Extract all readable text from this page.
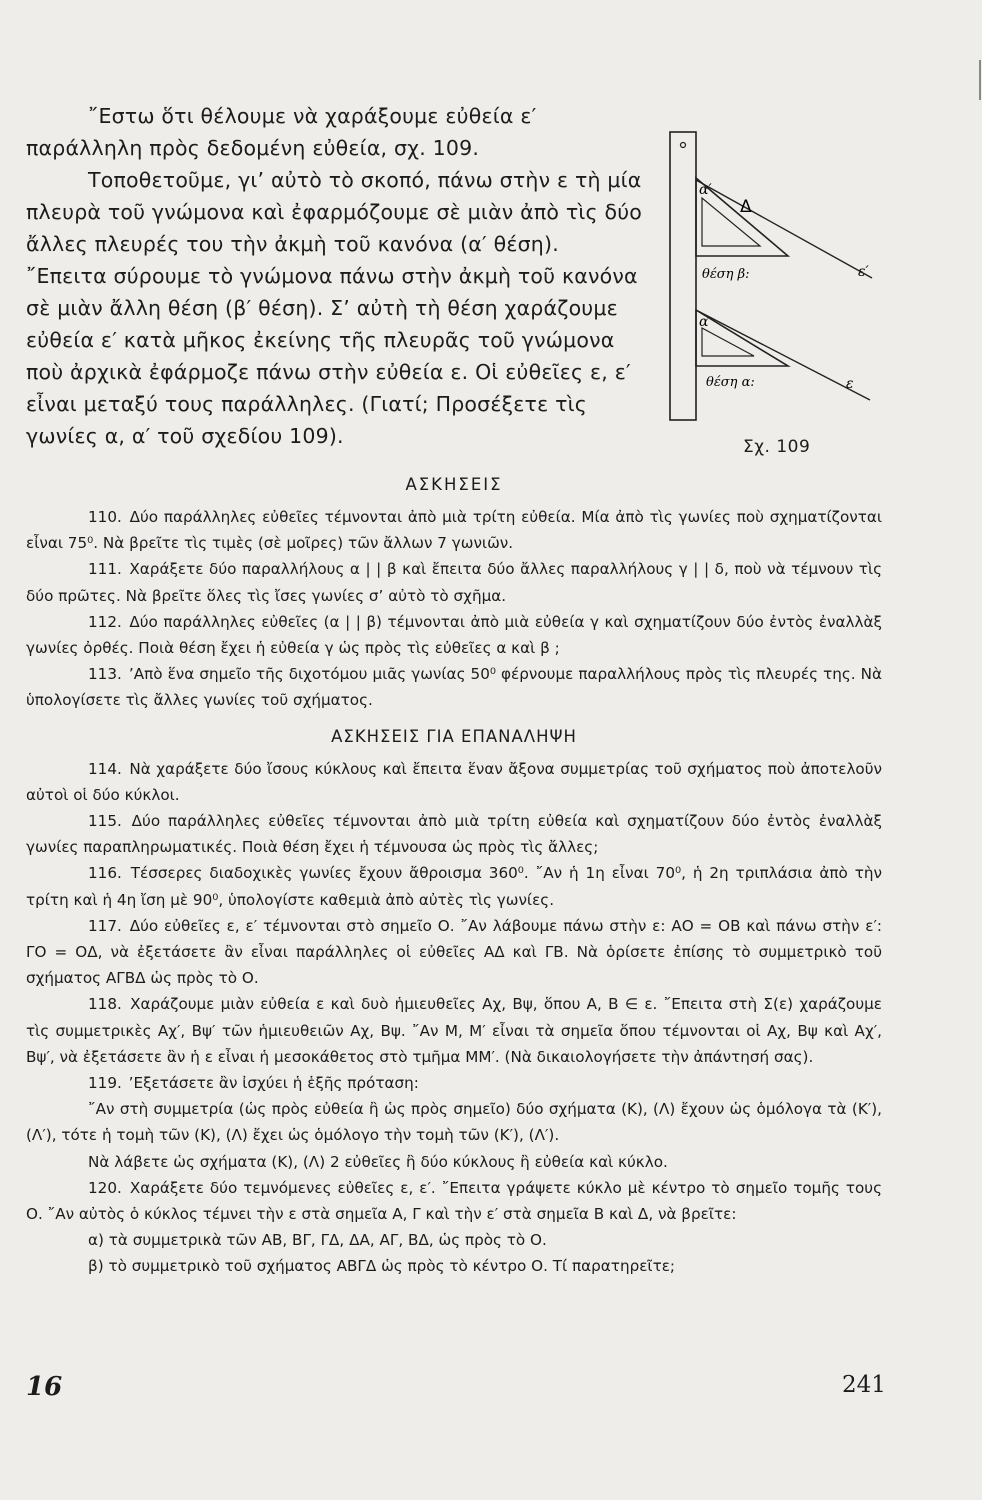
῎Εστω ὅτι θέλουμε νὰ χαράξουμε εὐθεία ε′ παράλληλη πρὸς δεδομένη εὐθεία, σχ. 109.

Τοποθετοῦμε, γι’ αὐτὸ τὸ σκοπό, πάνω στὴν ε τὴ μία πλευρὰ τοῦ γνώμονα καὶ ἐφαρμόζουμε σὲ μιὰν ἀπὸ τὶς δύο ἄλλες πλευρές του τὴν ἀκμὴ τοῦ κανόνα (α′ θέση). ῎Επειτα σύρουμε τὸ γνώμονα πάνω στὴν ἀκμὴ τοῦ κανόνα σὲ μιὰν ἄλλη θέση (β′ θέση). Σ’ αὐτὴ τὴ θέση χαράζουμε εὐθεία ε′ κατὰ μῆκος ἐκείνης τῆς πλευρᾶς τοῦ γνώμονα ποὺ ἀρχικὰ ἐφάρμοζε πάνω στὴν εὐθεία ε. Οἱ εὐθεῖες ε, ε′ εἶναι μεταξύ τους παράλληλες. (Γιατί; Προσέξετε τὶς γωνίες α, α′ τοῦ σχεδίου 109).

α′
Δ
θέση β:	ε′
α
θέση α:	ε
Σχ. 109
ΑΣΚΗΣΕΙΣ

110. Δύο παράλληλες εὐθεῖες τέμνονται ἀπὸ μιὰ τρίτη εὐθεία. Μία ἀπὸ τὶς γωνίες ποὺ σχηματίζονται εἶναι 75⁰. Νὰ βρεῖτε τὶς τιμὲς (σὲ μοῖρες) τῶν ἄλλων 7 γωνιῶν.

111. Χαράξετε δύο παραλλήλους α | | β καὶ ἔπειτα δύο ἄλλες παραλλήλους γ | | δ, ποὺ νὰ τέμνουν τὶς δύο πρῶτες. Νὰ βρεῖτε ὅλες τὶς ἴσες γωνίες σ’ αὐτὸ τὸ σχῆμα.

112. Δύο παράλληλες εὐθεῖες (α | | β) τέμνονται ἀπὸ μιὰ εὐθεία γ καὶ σχηματίζουν δύο ἐντὸς ἐναλλὰξ γωνίες ὀρθές. Ποιὰ θέση ἔχει ἡ εὐθεία γ ὡς πρὸς τὶς εὐθεῖες α καὶ β ;

113. ’Απὸ ἕνα σημεῖο τῆς διχοτόμου μιᾶς γωνίας 50⁰ φέρνουμε παραλλήλους πρὸς τὶς πλευρές της. Νὰ ὑπολογίσετε τὶς ἄλλες γωνίες τοῦ σχήματος.

ΑΣΚΗΣΕΙΣ ΓΙΑ ΕΠΑΝΑΛΗΨΗ

114. Νὰ χαράξετε δύο ἴσους κύκλους καὶ ἔπειτα ἕναν ἄξονα συμμετρίας τοῦ σχήματος ποὺ ἀποτελοῦν αὐτοὶ οἱ δύο κύκλοι.

115. Δύο παράλληλες εὐθεῖες τέμνονται ἀπὸ μιὰ τρίτη εὐθεία καὶ σχηματίζουν δύο ἐντὸς ἐναλλὰξ γωνίες παραπληρωματικές. Ποιὰ θέση ἔχει ἡ τέμνουσα ὡς πρὸς τὶς ἄλλες;

116. Τέσσερες διαδοχικὲς γωνίες ἔχουν ἄθροισμα 360⁰. ῎Αν ἡ 1η εἶναι 70⁰, ἡ 2η τριπλάσια ἀπὸ τὴν τρίτη καὶ ἡ 4η ἴση μὲ 90⁰, ὑπολογίστε καθεμιὰ ἀπὸ αὐτὲς τὶς γωνίες.

117. Δύο εὐθεῖες ε, ε′ τέμνονται στὸ σημεῖο Ο. ῎Αν λάβουμε πάνω στὴν ε: ΑΟ = ΟΒ καὶ πάνω στὴν ε′: ΓΟ = ΟΔ, νὰ ἐξετάσετε ἂν εἶναι παράλληλες οἱ εὐθεῖες ΑΔ καὶ ΓΒ. Νὰ ὁρίσετε ἐπίσης τὸ συμμετρικὸ τοῦ σχήματος ΑΓΒΔ ὡς πρὸς τὸ Ο.

118. Χαράζουμε μιὰν εὐθεία ε καὶ δυὸ ἡμιευθεῖες Αχ, Βψ, ὅπου Α, Β ∈ ε. ῎Επειτα στὴ Σ(ε) χαράζουμε τὶς συμμετρικὲς Αχ′, Βψ′ τῶν ἡμιευθειῶν Αχ, Βψ. ῎Αν Μ, Μ′ εἶναι τὰ σημεῖα ὅπου τέμνονται οἱ Αχ, Βψ καὶ Αχ′, Βψ′, νὰ ἐξετάσετε ἂν ἡ ε εἶναι ἡ μεσοκάθετος στὸ τμῆμα ΜΜ′. (Νὰ δικαιολογήσετε τὴν ἀπάντησή σας).

119. ’Εξετάσετε ἂν ἰσχύει ἡ ἑξῆς πρόταση:

῎Αν στὴ συμμετρία (ὡς πρὸς εὐθεία ἢ ὡς πρὸς σημεῖο) δύο σχήματα (Κ), (Λ) ἔχουν ὡς ὁμόλογα τὰ (Κ′), (Λ′), τότε ἡ τομὴ τῶν (Κ), (Λ) ἔχει ὡς ὁμόλογο τὴν τομὴ τῶν (Κ′), (Λ′).

Νὰ λάβετε ὡς σχήματα (Κ), (Λ) 2 εὐθεῖες ἢ δύο κύκλους ἢ εὐθεία καὶ κύκλο.

120. Χαράξετε δύο τεμνόμενες εὐθεῖες ε, ε′. ῎Επειτα γράψετε κύκλο μὲ κέντρο τὸ σημεῖο τομῆς τους Ο. ῎Αν αὐτὸς ὁ κύκλος τέμνει τὴν ε στὰ σημεῖα Α, Γ καὶ τὴν ε′ στὰ σημεῖα Β καὶ Δ, νὰ βρεῖτε:

α) τὰ συμμετρικὰ τῶν ΑΒ, ΒΓ, ΓΔ, ΔΑ, ΑΓ, ΒΔ, ὡς πρὸς τὸ Ο.

β) τὸ συμμετρικὸ τοῦ σχήματος ΑΒΓΔ ὡς πρὸς τὸ κέντρο Ο. Τί παρατηρεῖτε;

16	241
